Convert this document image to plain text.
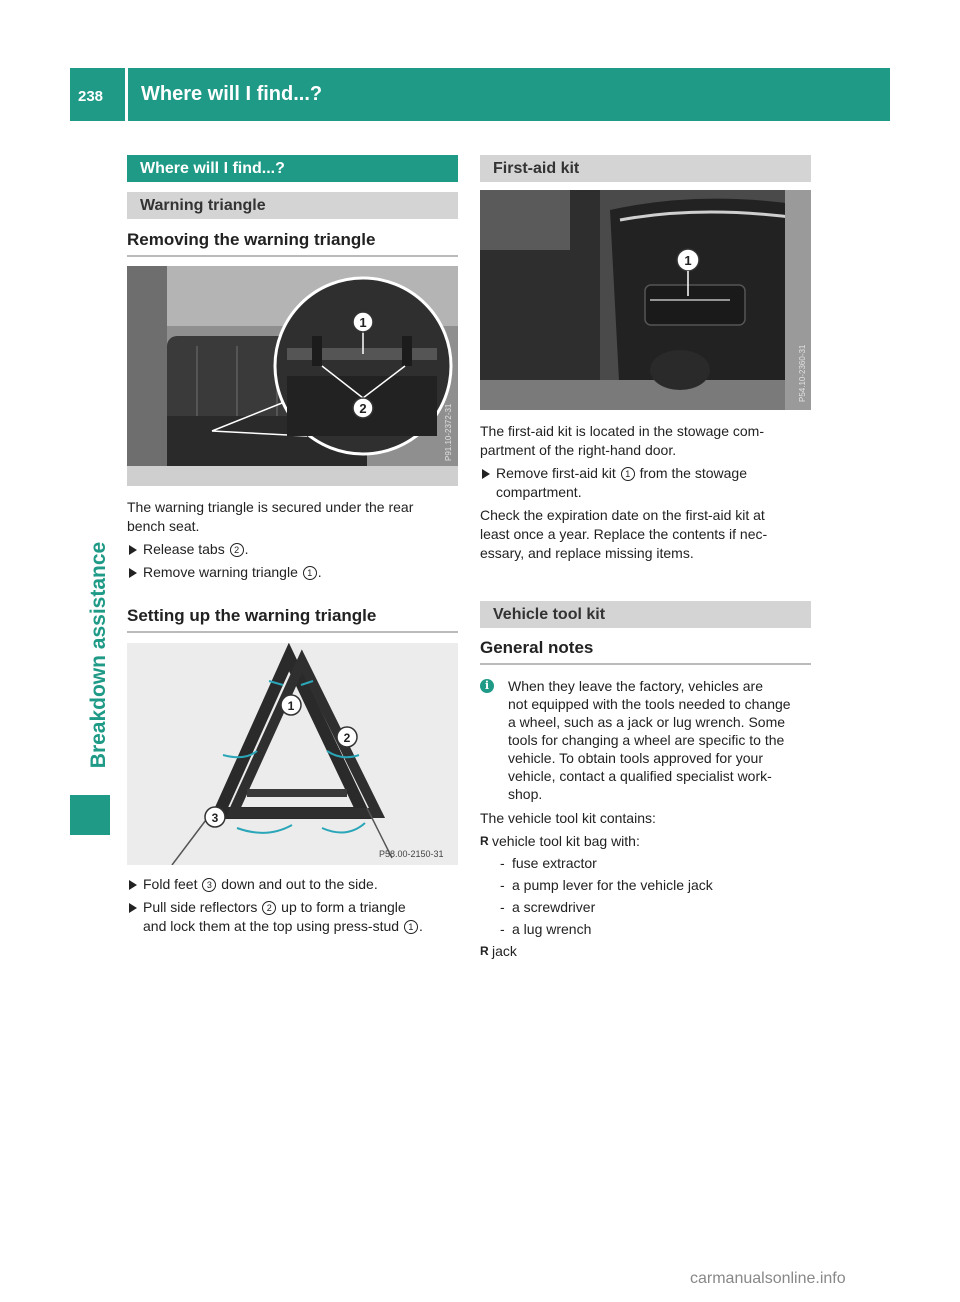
238 Where will I find...?
Breakdown assistance
Where will I find...?
Warning triangle
Removing the warning triangle
1
2	P91.10-2372-31

The warning triangle is secured under the rear

bench seat.

Release tabs 2 .
Remove warning triangle 1 .
Setting up the warning triangle
1
2
3
P58.00-2150-31
Fold feet 3 down and out to the side.
Pull side reflectors 2 up to form a triangle
and lock them at the top using press-stud 1 .
First-aid kit
1
P54.10-2360-31

The first-aid kit is located in the stowage com-

partment of the right-hand door.

Remove first-aid kit 1 from the stowage
compartment.

Check the expiration date on the first-aid kit at

least once a year. Replace the contents if nec-

essary, and replace missing items.

Vehicle tool kit
General notes
i	When they leave the factory, vehicles are
not equipped with the tools needed to change
a wheel, such as a jack or lug wrench. Some
tools for changing a wheel are specific to the
vehicle. To obtain tools approved for your
vehicle, contact a qualified specialist work-
shop.

The vehicle tool kit contains:

R vehicle tool kit bag with:
- fuse extractor
- a pump lever for the vehicle jack
- a screwdriver
- a lug wrench
R jack
carmanualsonline.info
